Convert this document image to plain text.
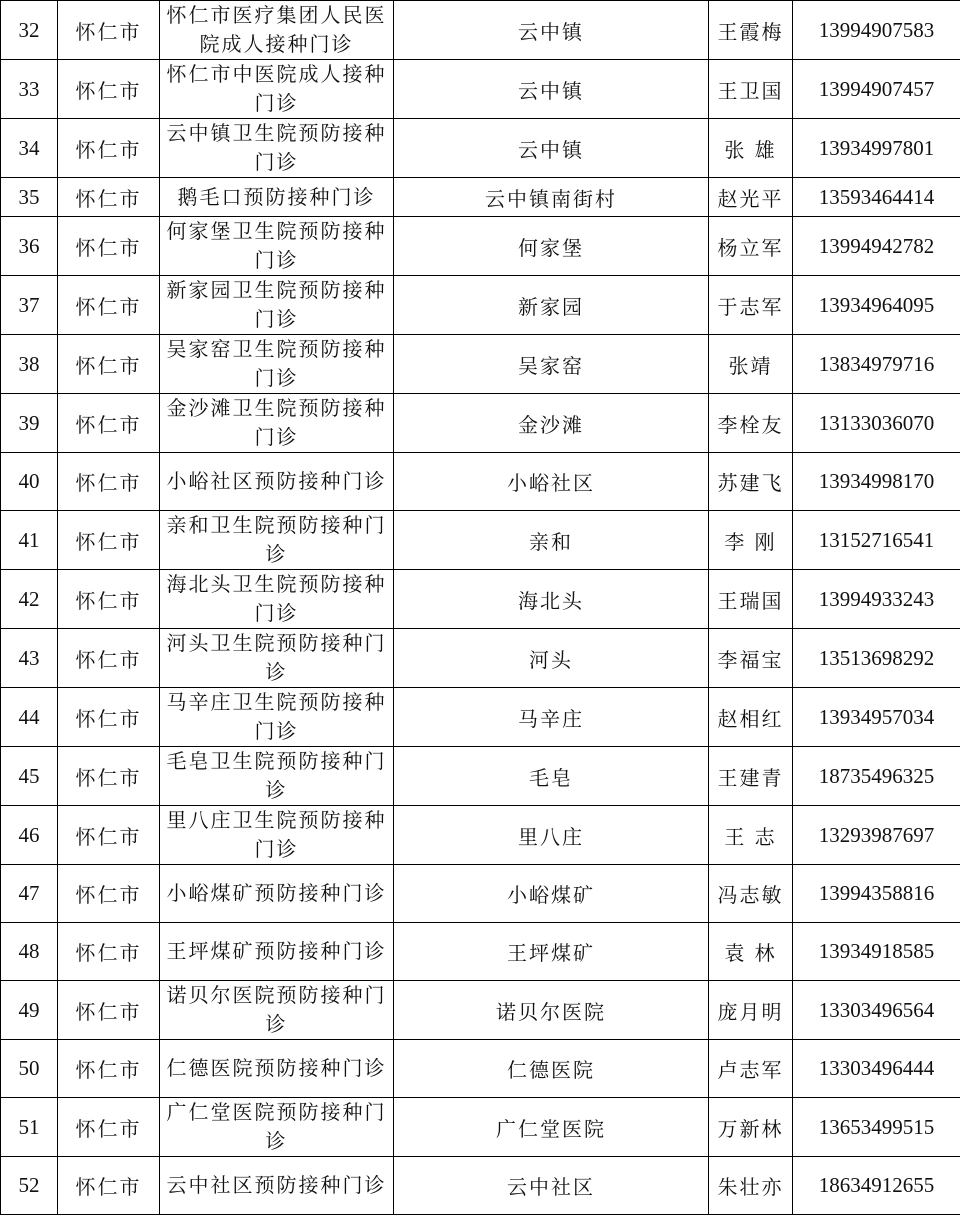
32	怀仁市	怀仁市医疗集团人民医院成人接种门诊	云中镇	王霞梅	13994907583
33	怀仁市	怀仁市中医院成人接种门诊	云中镇	王卫国	13994907457
34	怀仁市	云中镇卫生院预防接种门诊	云中镇	张 雄	13934997801
35	怀仁市	鹅毛口预防接种门诊	云中镇南街村	赵光平	13593464414
36	怀仁市	何家堡卫生院预防接种门诊	何家堡	杨立军	13994942782
37	怀仁市	新家园卫生院预防接种门诊	新家园	于志军	13934964095
38	怀仁市	吴家窑卫生院预防接种门诊	吴家窑	张靖	13834979716
39	怀仁市	金沙滩卫生院预防接种门诊	金沙滩	李栓友	13133036070
40	怀仁市	小峪社区预防接种门诊	小峪社区	苏建飞	13934998170
41	怀仁市	亲和卫生院预防接种门诊	亲和	李 刚	13152716541
42	怀仁市	海北头卫生院预防接种门诊	海北头	王瑞国	13994933243
43	怀仁市	河头卫生院预防接种门诊	河头	李福宝	13513698292
44	怀仁市	马辛庄卫生院预防接种门诊	马辛庄	赵相红	13934957034
45	怀仁市	毛皂卫生院预防接种门诊	毛皂	王建青	18735496325
46	怀仁市	里八庄卫生院预防接种门诊	里八庄	王 志	13293987697
47	怀仁市	小峪煤矿预防接种门诊	小峪煤矿	冯志敏	13994358816
48	怀仁市	王坪煤矿预防接种门诊	王坪煤矿	袁 林	13934918585
49	怀仁市	诺贝尔医院预防接种门诊	诺贝尔医院	庞月明	13303496564
50	怀仁市	仁德医院预防接种门诊	仁德医院	卢志军	13303496444
51	怀仁市	广仁堂医院预防接种门诊	广仁堂医院	万新林	13653499515
52	怀仁市	云中社区预防接种门诊	云中社区	朱壮亦	18634912655
